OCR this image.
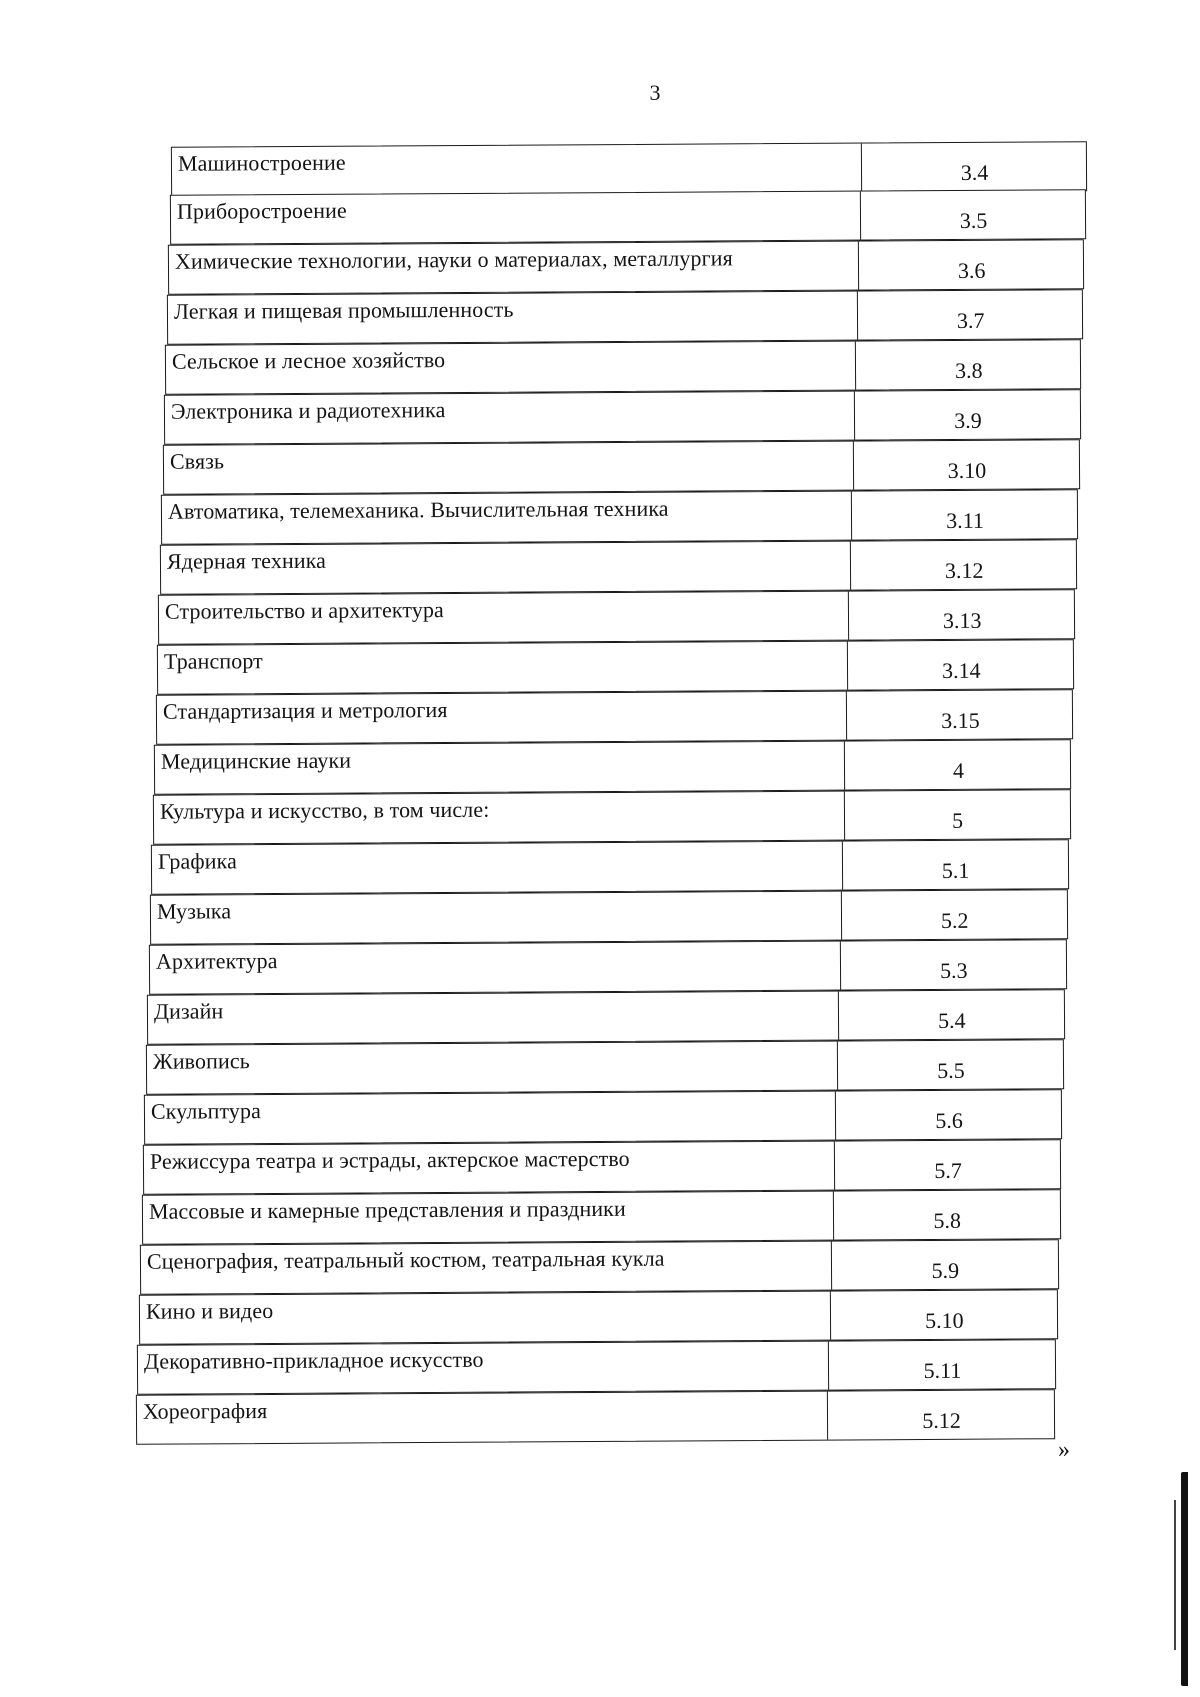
3
Машиностроение	3.4
Приборостроение	3.5
Химические технологии, науки о материалах, металлургия	3.6
Легкая и пищевая промышленность	3.7
Сельское и лесное хозяйство	3.8
Электроника и радиотехника	3.9
Связь	3.10
Автоматика, телемеханика. Вычислительная техника	3.11
Ядерная техника	3.12
Строительство и архитектура	3.13
Транспорт	3.14
Стандартизация и метрология	3.15
Медицинские науки	4
Культура и искусство, в том числе:	5
Графика	5.1
Музыка	5.2
Архитектура	5.3
Дизайн	5.4
Живопись	5.5
Скульптура	5.6
Режиссура театра и эстрады, актерское мастерство	5.7
Массовые и камерные представления и праздники	5.8
Сценография, театральный костюм, театральная кукла	5.9
Кино и видео	5.10
Декоративно-прикладное искусство	5.11
Хореография	5.12
»
